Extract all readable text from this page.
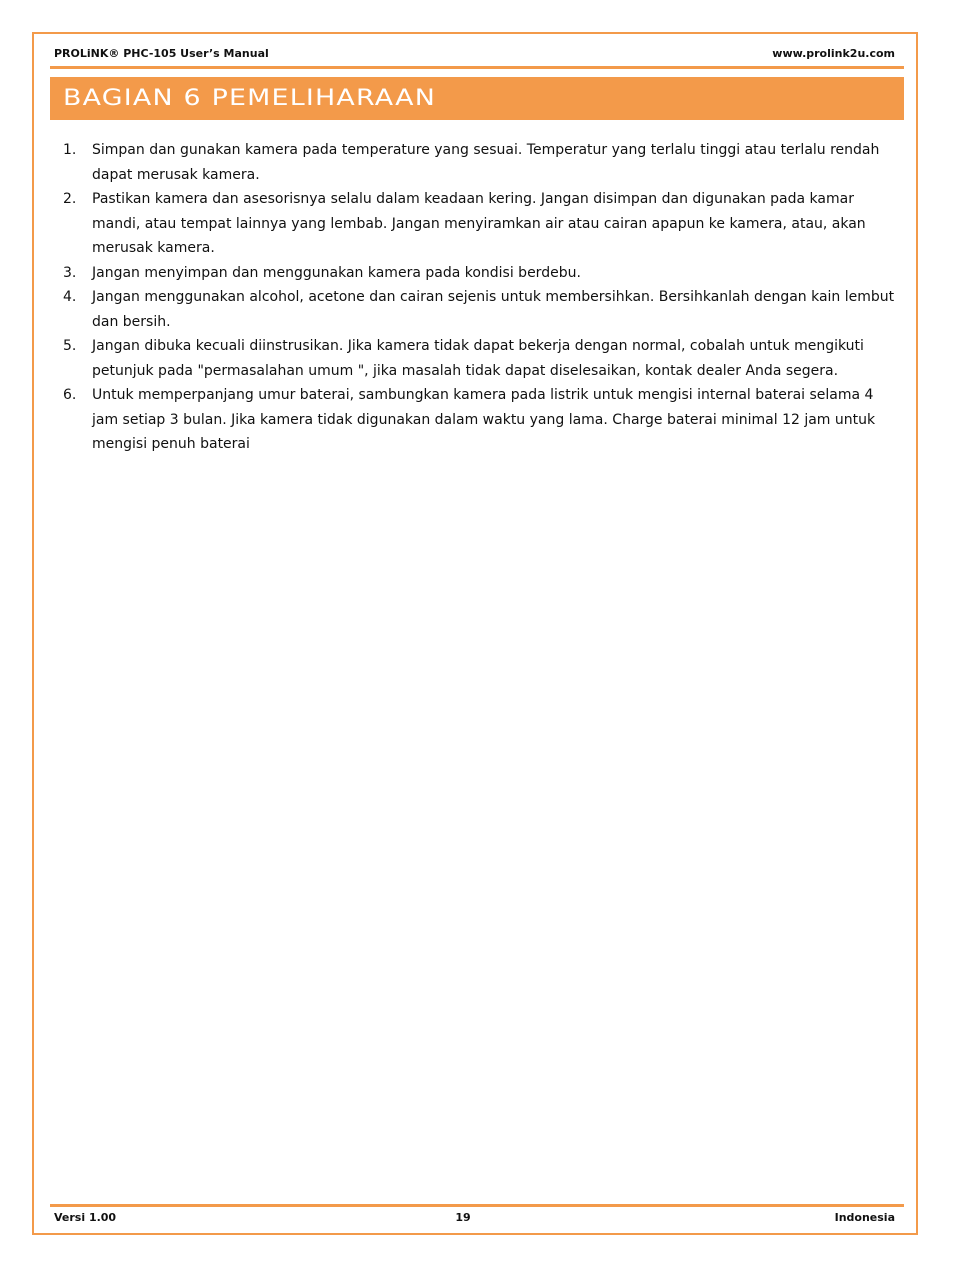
PROLiNK® PHC-105 User’s Manual	www.prolink2u.com
BAGIAN 6 PEMELIHARAAN
1. Simpan dan gunakan kamera pada temperature yang sesuai. Temperatur yang terlalu tinggi atau terlalu rendah dapat merusak kamera.
2. Pastikan kamera dan asesorisnya selalu dalam keadaan kering. Jangan disimpan dan digunakan pada kamar mandi, atau tempat lainnya yang lembab. Jangan menyiramkan air atau cairan apapun ke kamera, atau, akan merusak kamera.
3. Jangan menyimpan dan menggunakan kamera pada kondisi berdebu.
4. Jangan menggunakan alcohol, acetone dan cairan sejenis untuk membersihkan. Bersihkanlah dengan kain lembut dan bersih.
5. Jangan dibuka kecuali diinstrusikan. Jika kamera tidak dapat bekerja dengan normal, cobalah untuk mengikuti petunjuk pada "permasalahan umum ", jika masalah tidak dapat diselesaikan, kontak dealer Anda segera.
6. Untuk memperpanjang umur baterai, sambungkan kamera pada listrik untuk mengisi internal baterai selama 4 jam setiap 3 bulan. Jika kamera tidak digunakan dalam waktu yang lama. Charge baterai minimal 12 jam untuk mengisi penuh baterai
Versi 1.00	19	Indonesia
